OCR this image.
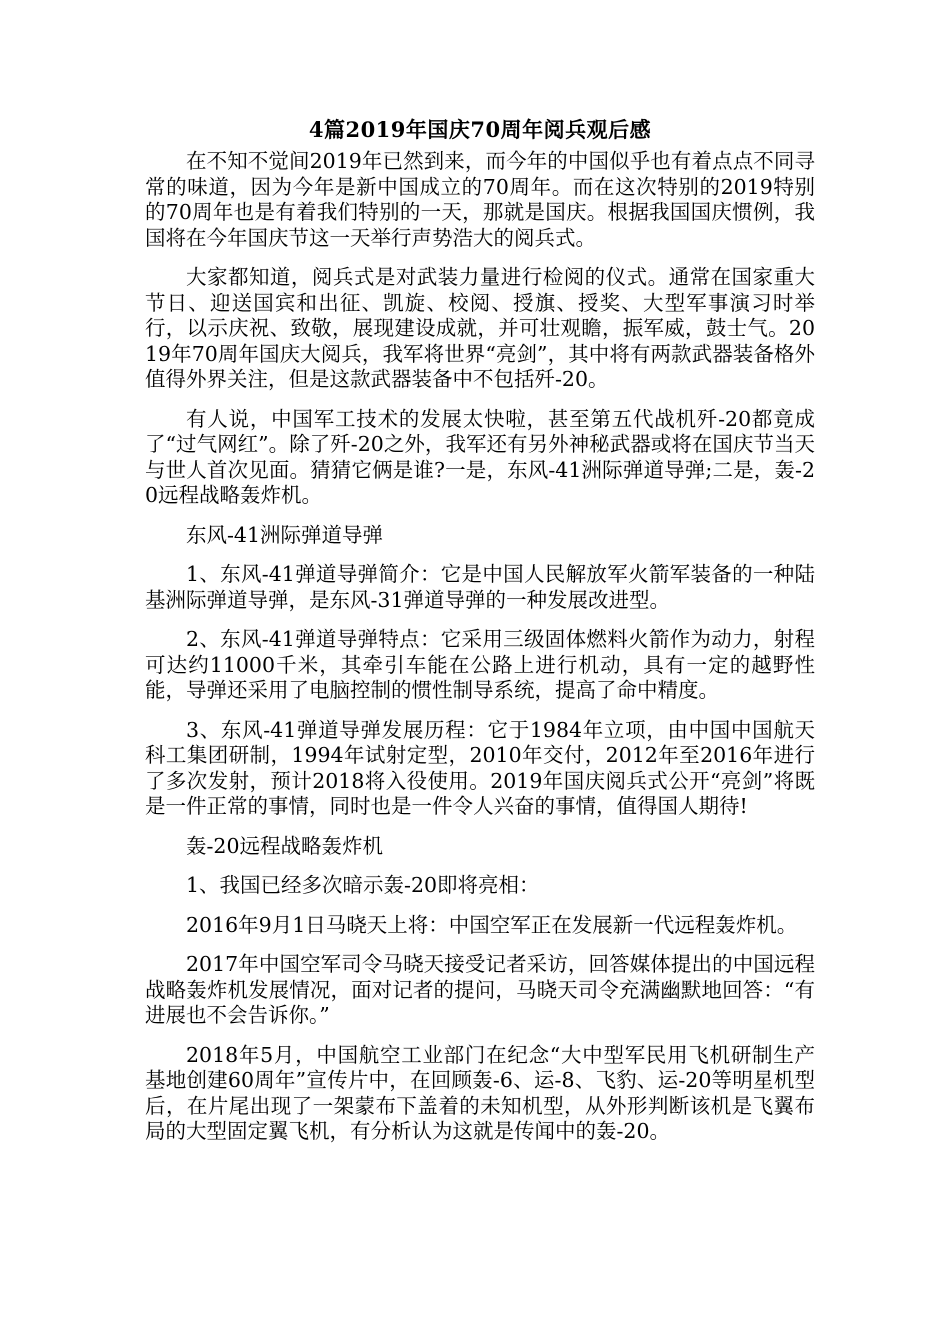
4篇2019年国庆70周年阅兵观后感

在不知不觉间2019年已然到来，而今年的中国似乎也有着点点不同寻常的味道，因为今年是新中国成立的70周年。而在这次特别的2019特别的70周年也是有着我们特别的一天，那就是国庆。根据我国国庆惯例，我国将在今年国庆节这一天举行声势浩大的阅兵式。

大家都知道，阅兵式是对武装力量进行检阅的仪式。通常在国家重大节日、迎送国宾和出征、凯旋、校阅、授旗、授奖、大型军事演习时举行，以示庆祝、致敬，展现建设成就，并可壮观瞻，振军威，鼓士气。2019年70周年国庆大阅兵，我军将世界“亮剑”，其中将有两款武器装备格外值得外界关注，但是这款武器装备中不包括歼-20。

有人说，中国军工技术的发展太快啦，甚至第五代战机歼-20都竟成了“过气网红”。除了歼-20之外，我军还有另外神秘武器或将在国庆节当天与世人首次见面。猜猜它俩是谁?一是，东风-41洲际弹道导弹;二是，轰-20远程战略轰炸机。

东风-41洲际弹道导弹

1、东风-41弹道导弹简介：它是中国人民解放军火箭军装备的一种陆基洲际弹道导弹，是东风-31弹道导弹的一种发展改进型。

2、东风-41弹道导弹特点：它采用三级固体燃料火箭作为动力，射程可达约11000千米，其牵引车能在公路上进行机动，具有一定的越野性能，导弹还采用了电脑控制的惯性制导系统，提高了命中精度。

3、东风-41弹道导弹发展历程：它于1984年立项，由中国中国航天科工集团研制，1994年试射定型，2010年交付，2012年至2016年进行了多次发射，预计2018将入役使用。2019年国庆阅兵式公开“亮剑”将既是一件正常的事情，同时也是一件令人兴奋的事情，值得国人期待!

轰-20远程战略轰炸机

1、我国已经多次暗示轰-20即将亮相：

2016年9月1日马晓天上将：中国空军正在发展新一代远程轰炸机。

2017年中国空军司令马晓天接受记者采访，回答媒体提出的中国远程战略轰炸机发展情况，面对记者的提问，马晓天司令充满幽默地回答：“有进展也不会告诉你。”

2018年5月，中国航空工业部门在纪念“大中型军民用飞机研制生产基地创建60周年”宣传片中，在回顾轰-6、运-8、飞豹、运-20等明星机型后，在片尾出现了一架蒙布下盖着的未知机型，从外形判断该机是飞翼布局的大型固定翼飞机，有分析认为这就是传闻中的轰-20。
